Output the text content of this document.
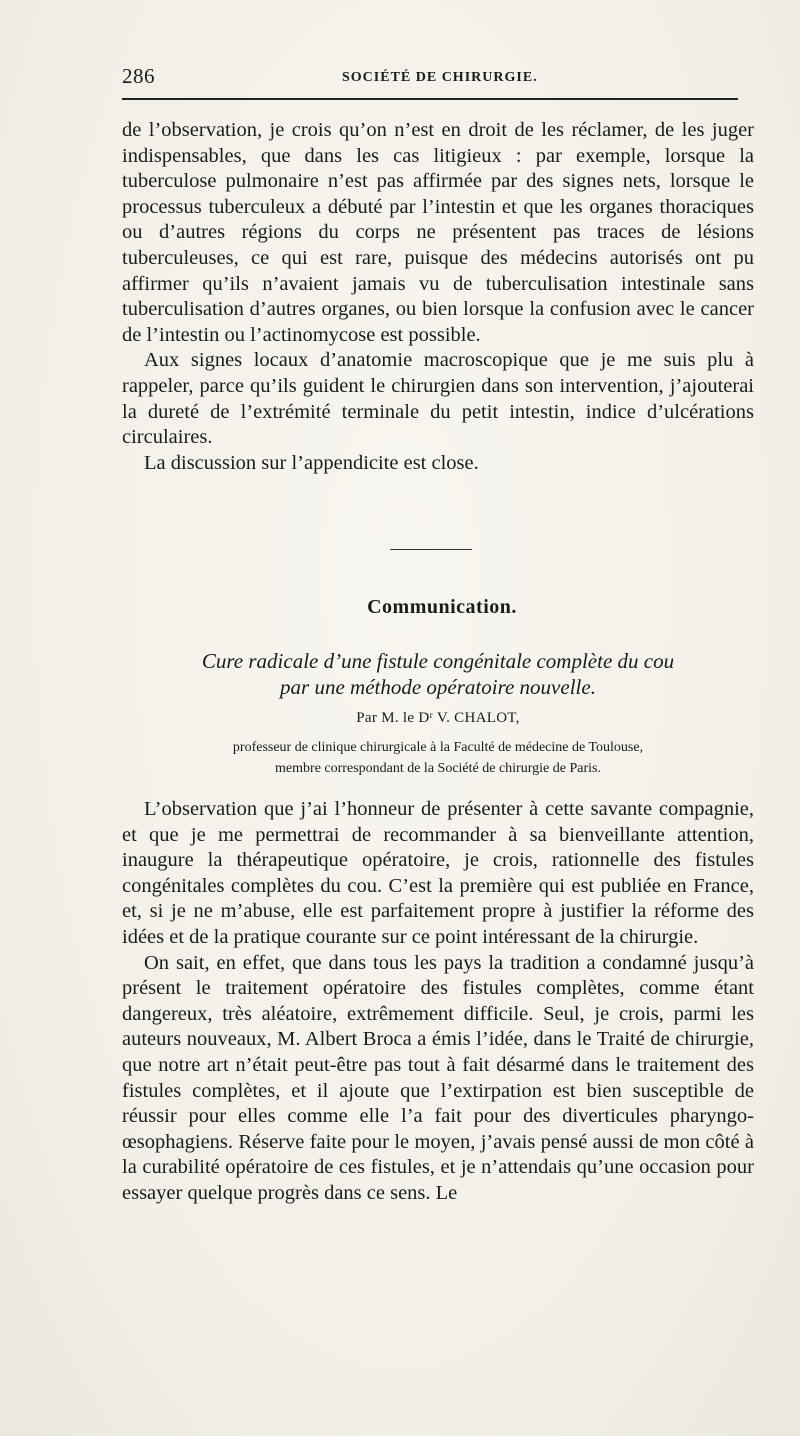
286	SOCIÉTÉ DE CHIRURGIE.

de l’observation, je crois qu’on n’est en droit de les réclamer, de les juger indispensables, que dans les cas litigieux : par exemple, lorsque la tuberculose pulmonaire n’est pas affirmée par des signes nets, lorsque le processus tuberculeux a débuté par l’intestin et que les organes thoraciques ou d’autres régions du corps ne présentent pas traces de lésions tuberculeuses, ce qui est rare, puisque des médecins autorisés ont pu affirmer qu’ils n’avaient jamais vu de tuberculisation intestinale sans tuberculisation d’autres organes, ou bien lorsque la confusion avec le cancer de l’intestin ou l’actinomycose est possible.

Aux signes locaux d’anatomie macroscopique que je me suis plu à rappeler, parce qu’ils guident le chirurgien dans son intervention, j’ajouterai la dureté de l’extrémité terminale du petit intestin, indice d’ulcérations circulaires.

La discussion sur l’appendicite est close.

Communication.
Cure radicale d’une fistule congénitale complète du cou
par une méthode opératoire nouvelle.
Par M. le Dʳ V. CHALOT,
professeur de clinique chirurgicale à la Faculté de médecine de Toulouse,
membre correspondant de la Société de chirurgie de Paris.

L’observation que j’ai l’honneur de présenter à cette savante compagnie, et que je me permettrai de recommander à sa bienveillante attention, inaugure la thérapeutique opératoire, je crois, rationnelle des fistules congénitales complètes du cou. C’est la première qui est publiée en France, et, si je ne m’abuse, elle est parfaitement propre à justifier la réforme des idées et de la pratique courante sur ce point intéressant de la chirurgie.

On sait, en effet, que dans tous les pays la tradition a condamné jusqu’à présent le traitement opératoire des fistules complètes, comme étant dangereux, très aléatoire, extrêmement difficile. Seul, je crois, parmi les auteurs nouveaux, M. Albert Broca a émis l’idée, dans le Traité de chirurgie, que notre art n’était peut-être pas tout à fait désarmé dans le traitement des fistules complètes, et il ajoute que l’extirpation est bien susceptible de réussir pour elles comme elle l’a fait pour des diverticules pharyngo-œsophagiens. Réserve faite pour le moyen, j’avais pensé aussi de mon côté à la curabilité opératoire de ces fistules, et je n’attendais qu’une occasion pour essayer quelque progrès dans ce sens. Le
